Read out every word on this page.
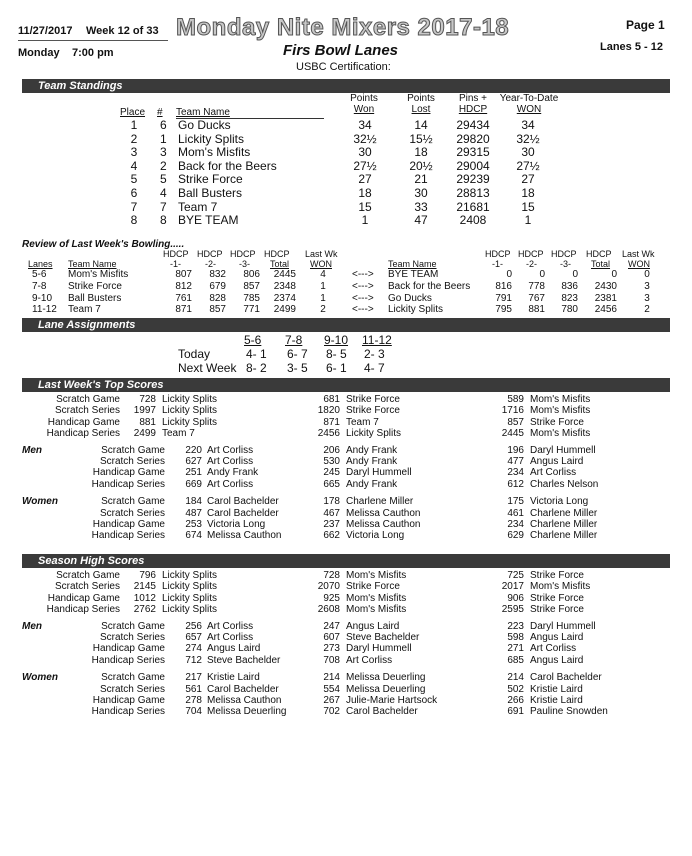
11/27/2017 Week 12 of 33 Monday Nite Mixers 2017-18	Page 1
Monday 7:00 pm	Firs Bowl Lanes
USBC Certification:
Lanes 5 - 12
Team Standings
Points
Won
Points
Lost
Pins +
HDCP
Year-To-Date
WON
Place # Team Name
1	6 Go Ducks	34	14	29434	34
2	1 Lickity Splits	32½	15½	29820	32½
3	3 Mom's Misfits	30	18	29315	30
4	2 Back for the Beers	27½	20½	29004	27½
5	5 Strike Force	27	21	29239	27
6	4 Ball Busters	18	30	28813	18
7	7 Team 7	15	33	21681	15
8	8 BYE TEAM	1	47	2408	1
Review of Last Week's Bowling.....
HDCP HDCP HDCP HDCP	HDCP HDCP HDCP HDCP
Last Wk	Last Wk
Lanes Team Name	Team Name
-1-	-2-	-3- Total WON	-1-	-2-	-3- Total WON
5-6 Mom's Misfits	807	832	806	2445	4	<---> BYE TEAM	0	0	0	0	0
7-8 Strike Force	812	679	857	2348	1	<---> Back for the Beers	816	778	836	2430	3
9-10 Ball Busters	761	828	785	2374	1	<---> Go Ducks	791	767	823	2381	3
11-12 Team 7	871	857	771	2499	2	<---> Lickity Splits	795	881	780	2456	2
Lane Assignments
5-6 7-8 9-10 11-12
Today	4- 1 6- 7 8- 5 2- 3
Next Week 8- 2 3- 5 6- 1 4- 7
Last Week's Top Scores
Scratch Game	728 Lickity Splits	681 Strike Force	589 Mom's Misfits
Scratch Series	1997 Lickity Splits	1820 Strike Force	1716 Mom's Misfits
Handicap Game	881 Lickity Splits	871 Team 7	857 Strike Force
Handicap Series	2499 Team 7	2456 Lickity Splits	2445 Mom's Misfits
Men	Scratch Game	220 Art Corliss	206 Andy Frank	196 Daryl Hummell
Scratch Series	627 Art Corliss	530 Andy Frank	477 Angus Laird
Handicap Game	251 Andy Frank	245 Daryl Hummell	234 Art Corliss
Handicap Series	669 Art Corliss	665 Andy Frank	612 Charles Nelson
Women	Scratch Game	184 Carol Bachelder	178 Charlene Miller	175 Victoria Long
Scratch Series	487 Carol Bachelder	467 Melissa Cauthon	461 Charlene Miller
Handicap Game	253 Victoria Long	237 Melissa Cauthon	234 Charlene Miller
Handicap Series	674 Melissa Cauthon	662 Victoria Long	629 Charlene Miller
Season High Scores
Scratch Game	796 Lickity Splits	728 Mom's Misfits	725 Strike Force
Scratch Series	2145 Lickity Splits	2070 Strike Force	2017 Mom's Misfits
Handicap Game	1012 Lickity Splits	925 Mom's Misfits	906 Strike Force
Handicap Series	2762 Lickity Splits	2608 Mom's Misfits	2595 Strike Force
Men	Scratch Game	256 Art Corliss	247 Angus Laird	223 Daryl Hummell
Scratch Series	657 Art Corliss	607 Steve Bachelder	598 Angus Laird
Handicap Game	274 Angus Laird	273 Daryl Hummell	271 Art Corliss
Handicap Series	712 Steve Bachelder	708 Art Corliss	685 Angus Laird
Women	Scratch Game	217 Kristie Laird	214 Melissa Deuerling	214 Carol Bachelder
Scratch Series	561 Carol Bachelder	554 Melissa Deuerling	502 Kristie Laird
Handicap Game	278 Melissa Cauthon	267 Julie-Marie Hartsock	266 Kristie Laird
Handicap Series	704 Melissa Deuerling	702 Carol Bachelder	691 Pauline Snowden
